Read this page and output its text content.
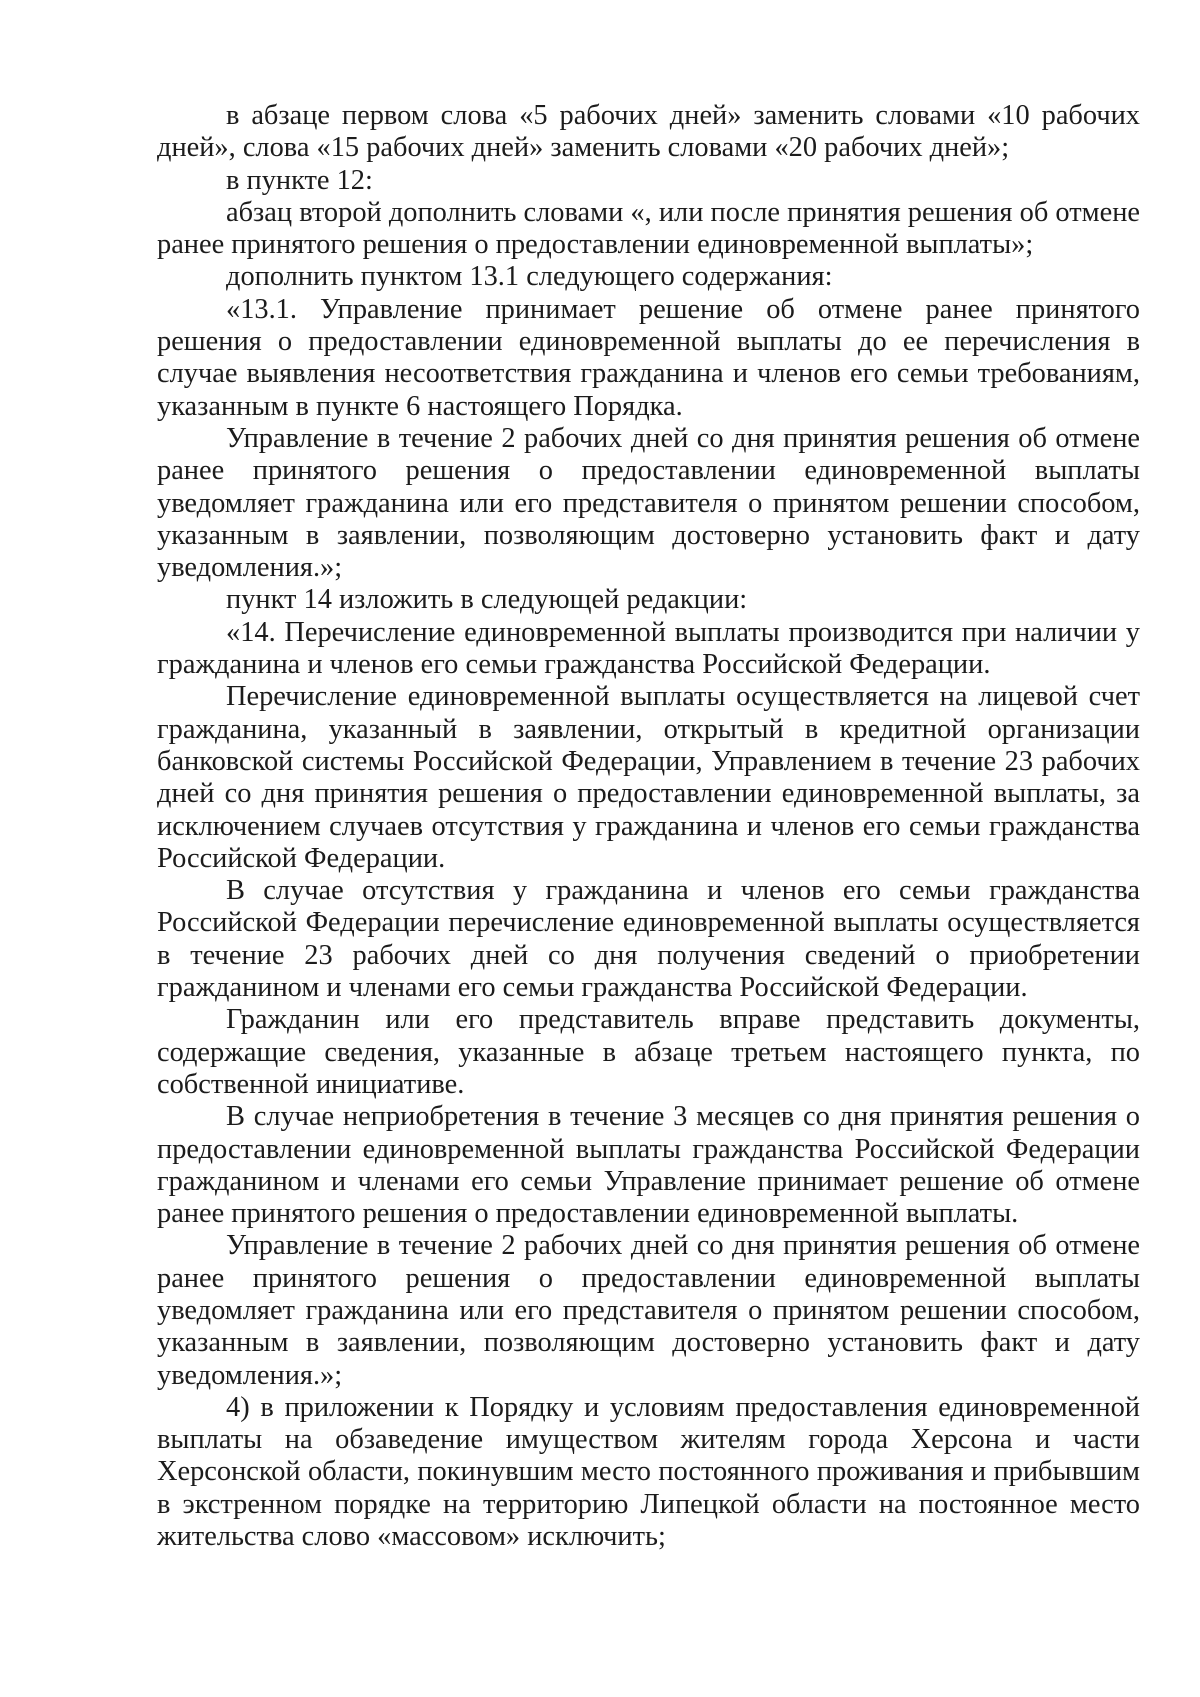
в абзаце первом слова «5 рабочих дней» заменить словами «10 рабочих дней», слова «15 рабочих дней» заменить словами «20 рабочих дней»;

в пункте 12:

абзац второй дополнить словами «, или после принятия решения об отмене ранее принятого решения о предоставлении единовременной выплаты»;

дополнить пунктом 13.1 следующего содержания:

«13.1. Управление принимает решение об отмене ранее принятого решения о предоставлении единовременной выплаты до ее перечисления в случае выявления несоответствия гражданина и членов его семьи требованиям, указанным в пункте 6 настоящего Порядка.

Управление в течение 2 рабочих дней со дня принятия решения об отмене ранее принятого решения о предоставлении единовременной выплаты уведомляет гражданина или его представителя о принятом решении способом, указанным в заявлении, позволяющим достоверно установить факт и дату уведомления.»;

пункт 14 изложить в следующей редакции:

«14. Перечисление единовременной выплаты производится при наличии у гражданина и членов его семьи гражданства Российской Федерации.

Перечисление единовременной выплаты осуществляется на лицевой счет гражданина, указанный в заявлении, открытый в кредитной организации банковской системы Российской Федерации, Управлением в течение 23 рабочих дней со дня принятия решения о предоставлении единовременной выплаты, за исключением случаев отсутствия у гражданина и членов его семьи гражданства Российской Федерации.

В случае отсутствия у гражданина и членов его семьи гражданства Российской Федерации перечисление единовременной выплаты осуществляется в течение 23 рабочих дней со дня получения сведений о приобретении гражданином и членами его семьи гражданства Российской Федерации.

Гражданин или его представитель вправе представить документы, содержащие сведения, указанные в абзаце третьем настоящего пункта, по собственной инициативе.

В случае неприобретения в течение 3 месяцев со дня принятия решения о предоставлении единовременной выплаты гражданства Российской Федерации гражданином и членами его семьи Управление принимает решение об отмене ранее принятого решения о предоставлении единовременной выплаты.

Управление в течение 2 рабочих дней со дня принятия решения об отмене ранее принятого решения о предоставлении единовременной выплаты уведомляет гражданина или его представителя о принятом решении способом, указанным в заявлении, позволяющим достоверно установить факт и дату уведомления.»;

4) в приложении к Порядку и условиям предоставления единовременной выплаты на обзаведение имуществом жителям города Херсона и части Херсонской области, покинувшим место постоянного проживания и прибывшим в экстренном порядке на территорию Липецкой области на постоянное место жительства слово «массовом» исключить;
